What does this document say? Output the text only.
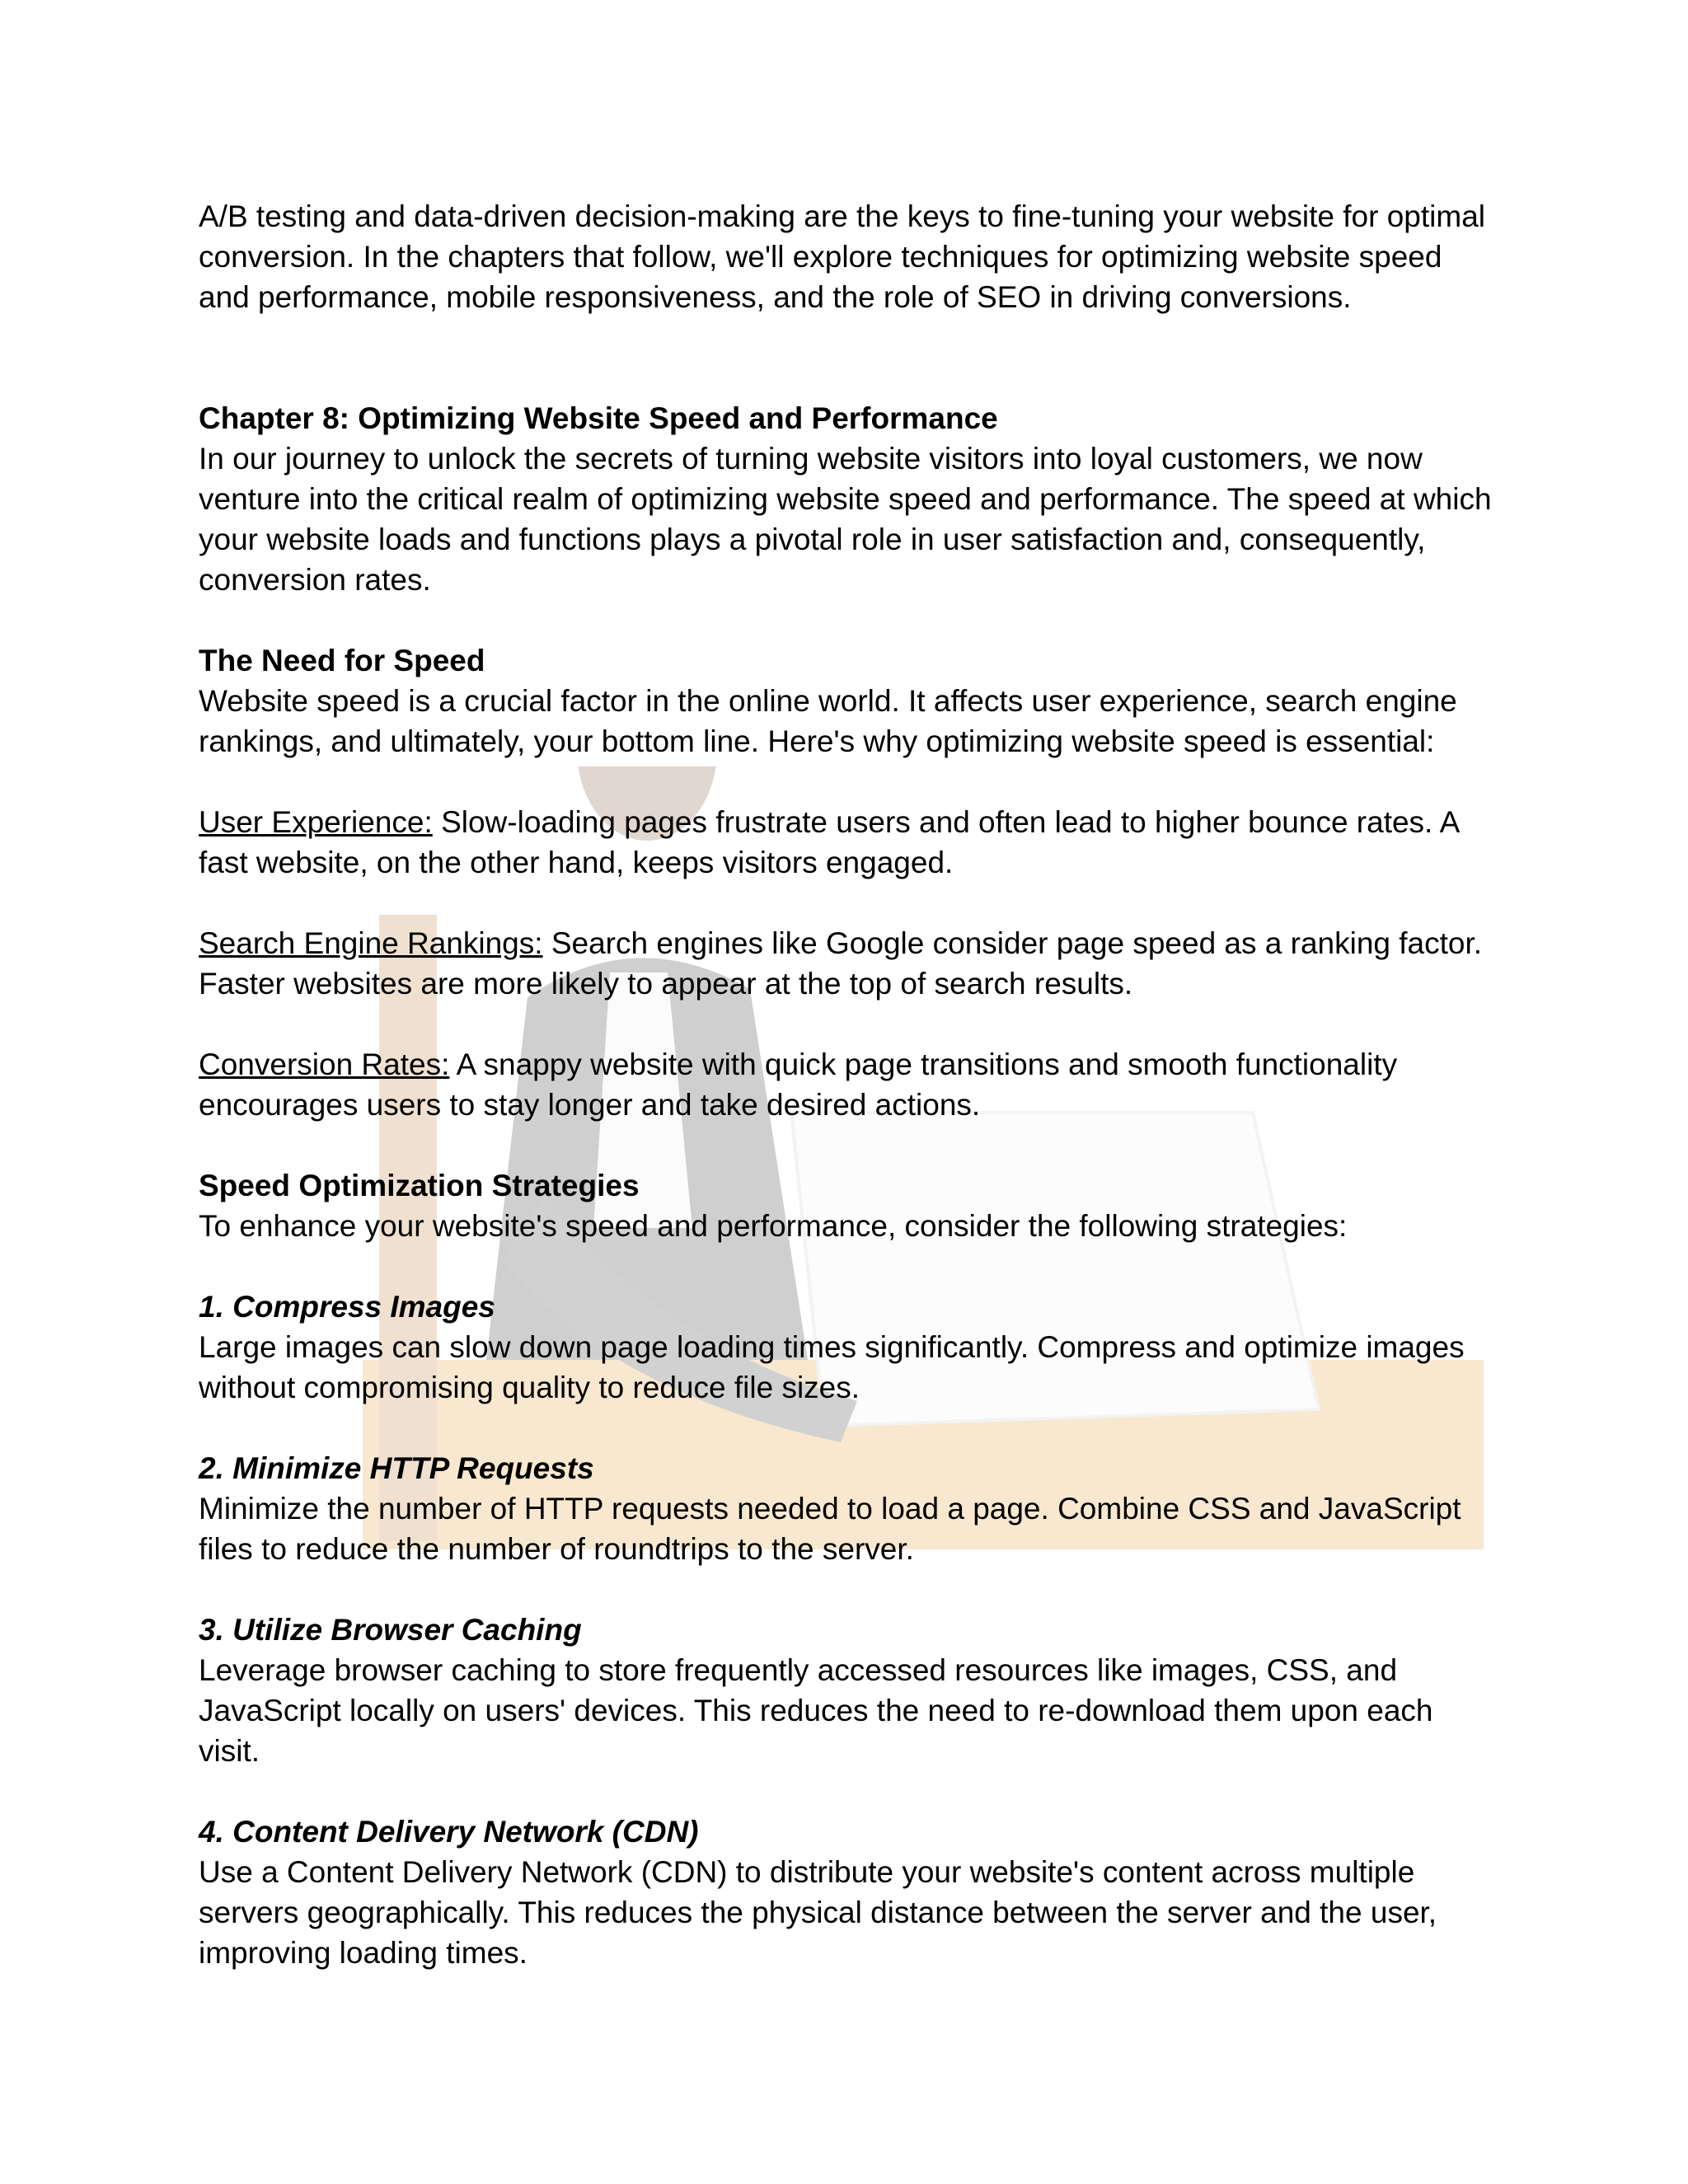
A/B testing and data-driven decision-making are the keys to fine-tuning your website for optimal conversion. In the chapters that follow, we'll explore techniques for optimizing website speed and performance, mobile responsiveness, and the role of SEO in driving conversions.

Chapter 8: Optimizing Website Speed and Performance

In our journey to unlock the secrets of turning website visitors into loyal customers, we now venture into the critical realm of optimizing website speed and performance. The speed at which your website loads and functions plays a pivotal role in user satisfaction and, consequently, conversion rates.

The Need for Speed

Website speed is a crucial factor in the online world. It affects user experience, search engine rankings, and ultimately, your bottom line. Here's why optimizing website speed is essential:

User Experience: Slow-loading pages frustrate users and often lead to higher bounce rates. A fast website, on the other hand, keeps visitors engaged.

Search Engine Rankings: Search engines like Google consider page speed as a ranking factor. Faster websites are more likely to appear at the top of search results.

Conversion Rates: A snappy website with quick page transitions and smooth functionality encourages users to stay longer and take desired actions.

Speed Optimization Strategies

To enhance your website's speed and performance, consider the following strategies:

1. Compress Images

Large images can slow down page loading times significantly. Compress and optimize images without compromising quality to reduce file sizes.

2. Minimize HTTP Requests

Minimize the number of HTTP requests needed to load a page. Combine CSS and JavaScript files to reduce the number of roundtrips to the server.

3. Utilize Browser Caching

Leverage browser caching to store frequently accessed resources like images, CSS, and JavaScript locally on users' devices. This reduces the need to re-download them upon each visit.

4. Content Delivery Network (CDN)

Use a Content Delivery Network (CDN) to distribute your website's content across multiple servers geographically. This reduces the physical distance between the server and the user, improving loading times.
